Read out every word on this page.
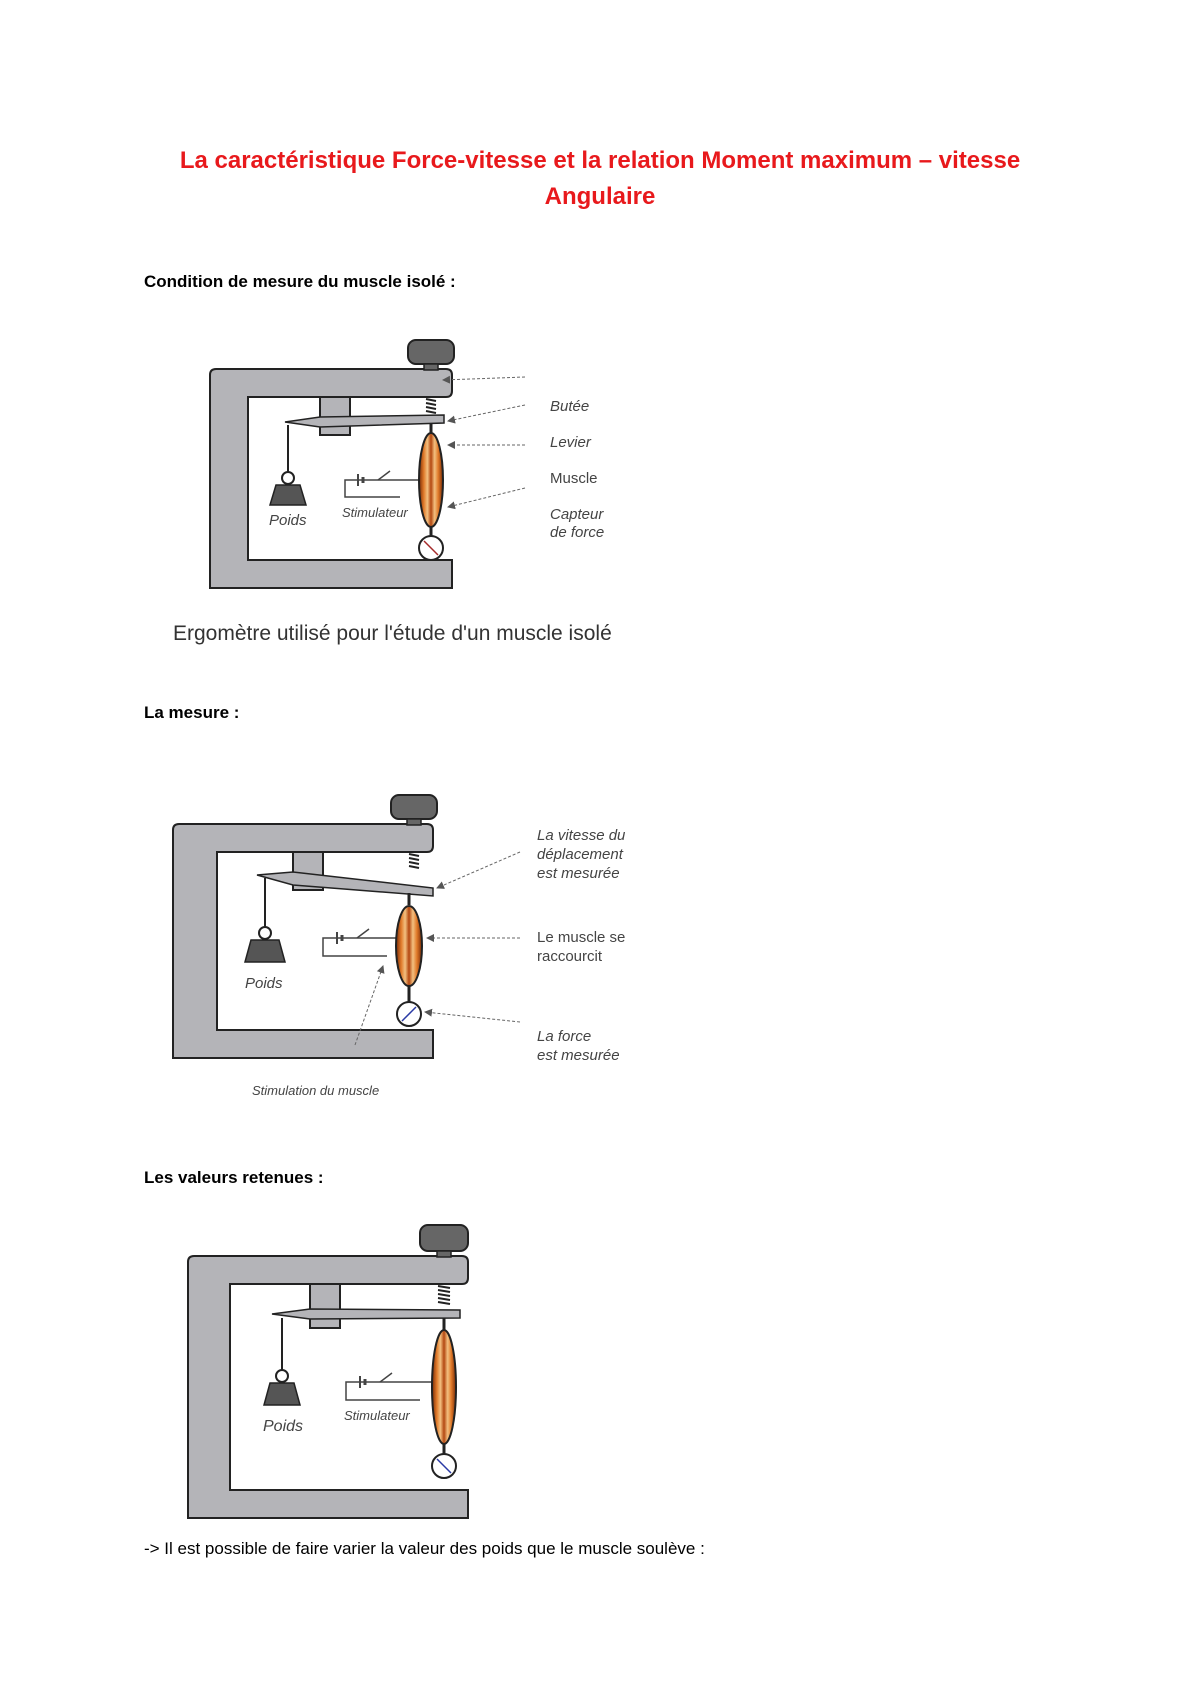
La caractéristique Force-vitesse et la relation Moment maximum – vitesse Angulaire
Condition de mesure du muscle isolé :
Poids	Stimulateur
Butée
Levier
Muscle
Capteur
de force
Ergomètre utilisé pour l'étude d'un muscle isolé
La mesure :
Poids
La vitesse du
déplacement
est mesurée
Le muscle se
raccourcit
La force
est mesurée
Stimulation du muscle
Les valeurs retenues :
Poids
Stimulateur
-> Il est possible de faire varier la valeur des poids que le muscle soulève :
